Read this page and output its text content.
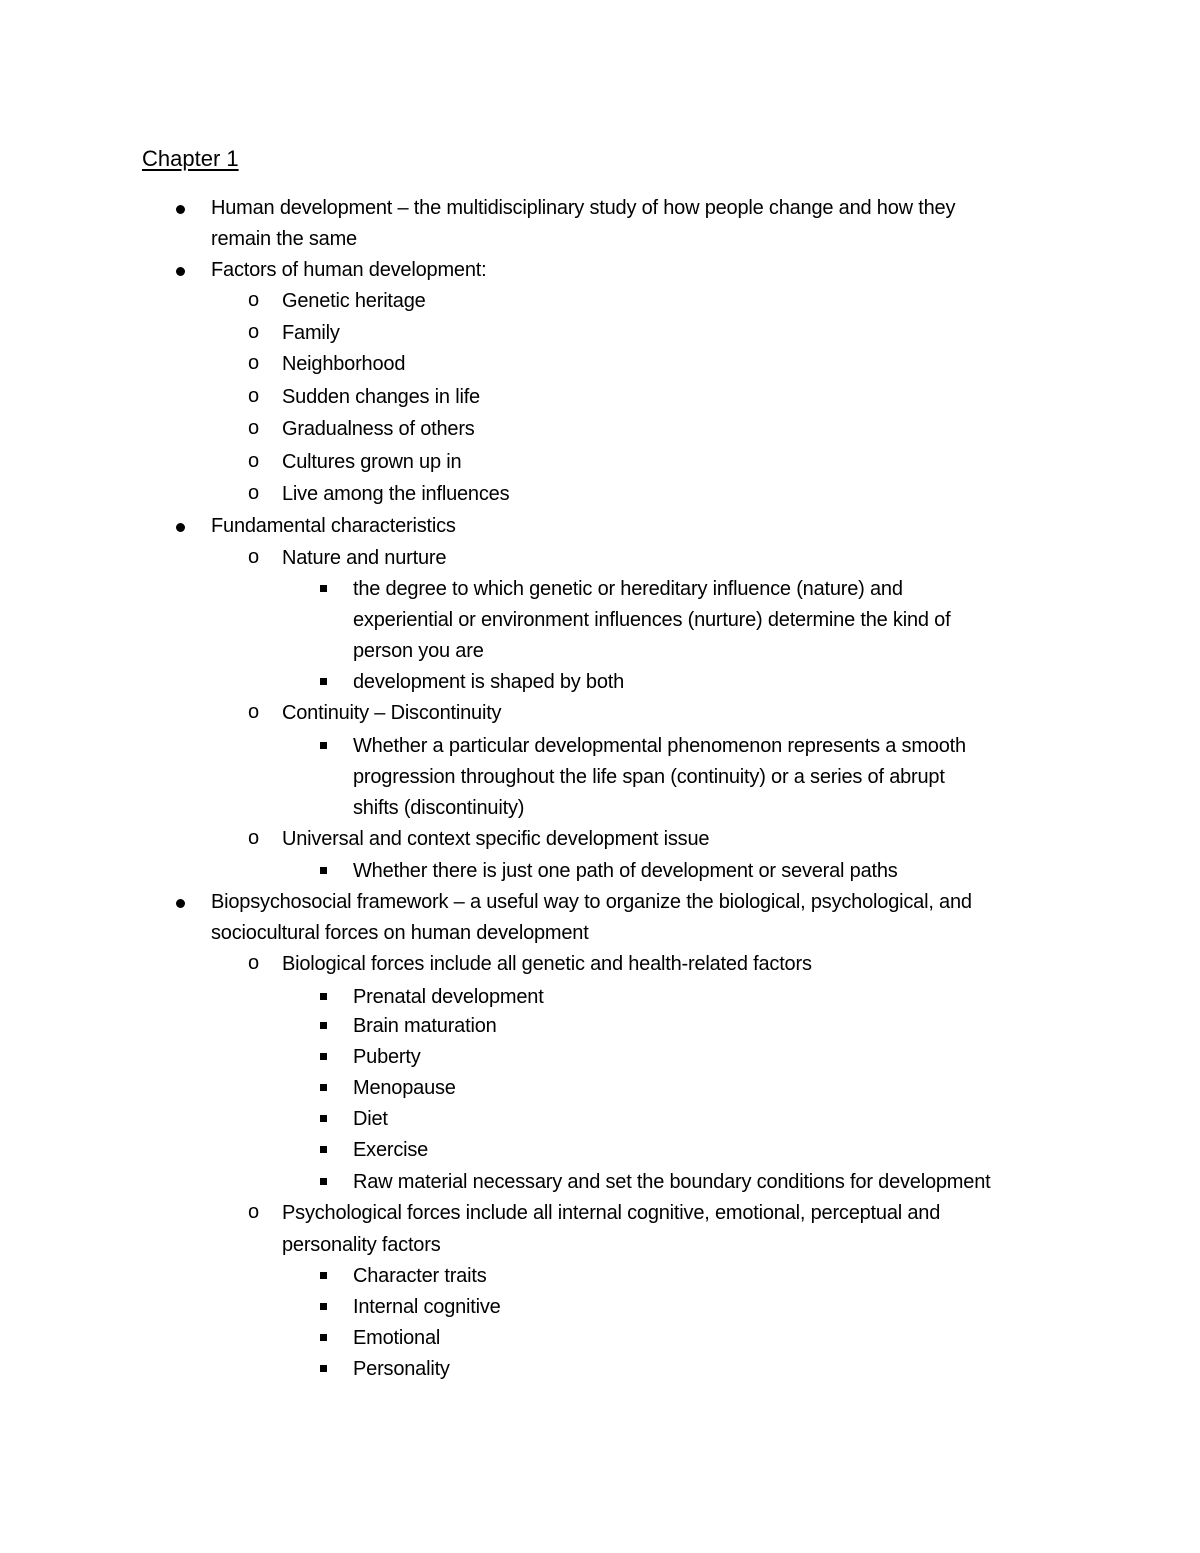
Chapter 1
Human development – the multidisciplinary study of how people change and how they
remain the same
Factors of human development:
o Genetic heritage
o Family
o Neighborhood
o Sudden changes in life
o Gradualness of others
o Cultures grown up in
o Live among the influences
Fundamental characteristics
o Nature and nurture
the degree to which genetic or hereditary influence (nature) and
experiential or environment influences (nurture) determine the kind of
person you are
development is shaped by both
o Continuity – Discontinuity
Whether a particular developmental phenomenon represents a smooth
progression throughout the life span (continuity) or a series of abrupt
shifts (discontinuity)
o Universal and context specific development issue
Whether there is just one path of development or several paths
Biopsychosocial framework – a useful way to organize the biological, psychological, and
sociocultural forces on human development
o Biological forces include all genetic and health-related factors
Prenatal development
Brain maturation
Puberty
Menopause
Diet
Exercise
Raw material necessary and set the boundary conditions for development
o Psychological forces include all internal cognitive, emotional, perceptual and
personality factors
Character traits
Internal cognitive
Emotional
Personality
